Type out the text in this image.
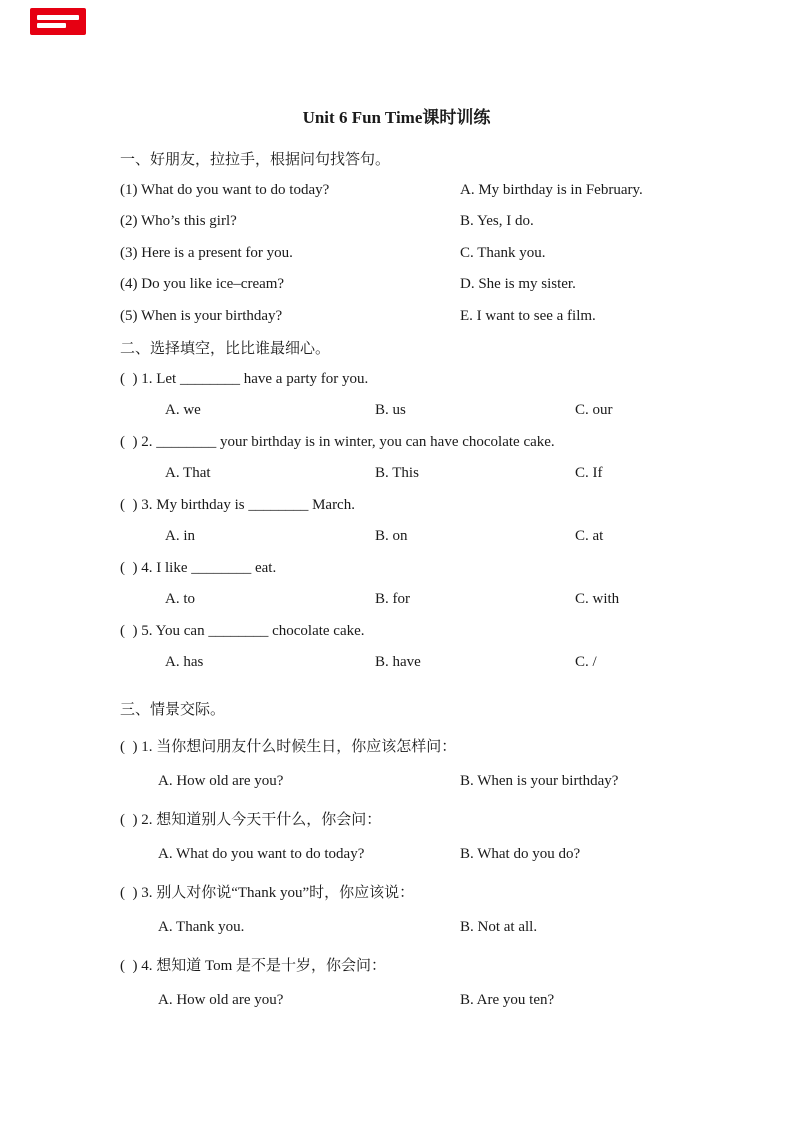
Unit 6 Fun Time课时训练
一、好朋友，拉拉手，根据问句找答句。
(1) What do you want to do today?	A. My birthday is in February.
(2) Who’s this girl?	B. Yes, I do.
(3) Here is a present for you.	C. Thank you.
(4) Do you like ice–cream?	D. She is my sister.
(5) When is your birthday?	E. I want to see a film.
二、选择填空，比比谁最细心。
(  ) 1. Let ________ have a party for you.
A. we	B. us	C. our
(  ) 2. ________ your birthday is in winter, you can have chocolate cake.
A. That	B. This	C. If
(  ) 3. My birthday is ________ March.
A. in	B. on	C. at
(  ) 4. I like ________ eat.
A. to	B. for	C. with
(  ) 5. You can ________ chocolate cake.
A. has	B. have	C. /
三、情景交际。
(  ) 1. 当你想问朋友什么时候生日，你应该怎样问：
A. How old are you?	B. When is your birthday?
(  ) 2. 想知道别人今天干什么，你会问：
A. What do you want to do today?	B. What do you do?
(  ) 3. 别人对你说“Thank you”时，你应该说：
A. Thank you.	B. Not at all.
(  ) 4. 想知道 Tom 是不是十岁，你会问：
A. How old are you?	B. Are you ten?
